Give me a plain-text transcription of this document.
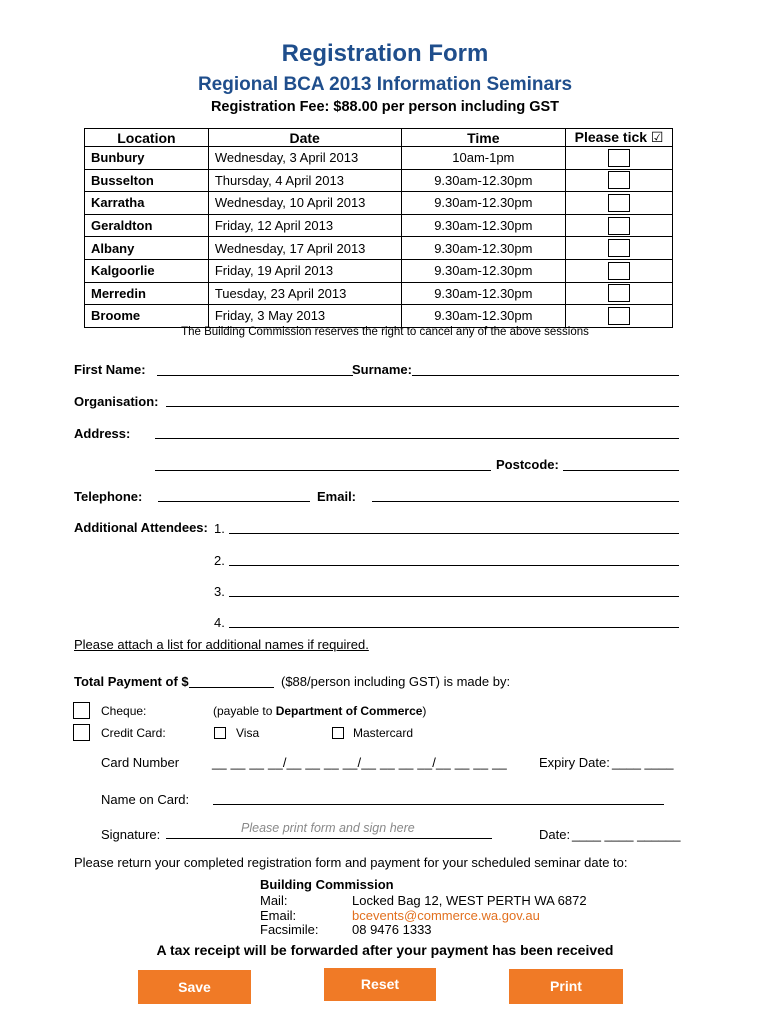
Registration Form
Regional BCA 2013 Information Seminars
Registration Fee: $88.00 per person including GST
Location	Date	Time	Please tick ☑
Bunbury	Wednesday, 3 April 2013	10am-1pm	
Busselton	Thursday, 4 April 2013	9.30am-12.30pm	
Karratha	Wednesday, 10 April 2013	9.30am-12.30pm	
Geraldton	Friday, 12 April 2013	9.30am-12.30pm	
Albany	Wednesday, 17 April 2013	9.30am-12.30pm	
Kalgoorlie	Friday, 19 April 2013	9.30am-12.30pm	
Merredin	Tuesday, 23 April 2013	9.30am-12.30pm	
Broome	Friday, 3 May 2013	9.30am-12.30pm	
The Building Commission reserves the right to cancel any of the above sessions
First Name:	Surname:
Organisation:
Address:
Postcode:
Telephone:	Email:
Additional Attendees: 1.
2.
3.
4.
Please attach a list for additional names if required.
Total Payment of $	($88/person including GST) is made by:
Cheque:	(payable to Department of Commerce)
Credit Card:	Visa	Mastercard
Card Number	__ __ __ __/__ __ __ __/__ __ __ __/__ __ __ __ Expiry Date: ____ ____
Name on Card:
Signature:	Please print form and sign here	Date: ____ ____ ______
Please return your completed registration form and payment for your scheduled seminar date to:
Building Commission
Mail:	Locked Bag 12, WEST PERTH WA 6872
Email:	bcevents@commerce.wa.gov.au
Facsimile:	08 9476 1333
A tax receipt will be forwarded after your payment has been received
Save	Reset	Print
